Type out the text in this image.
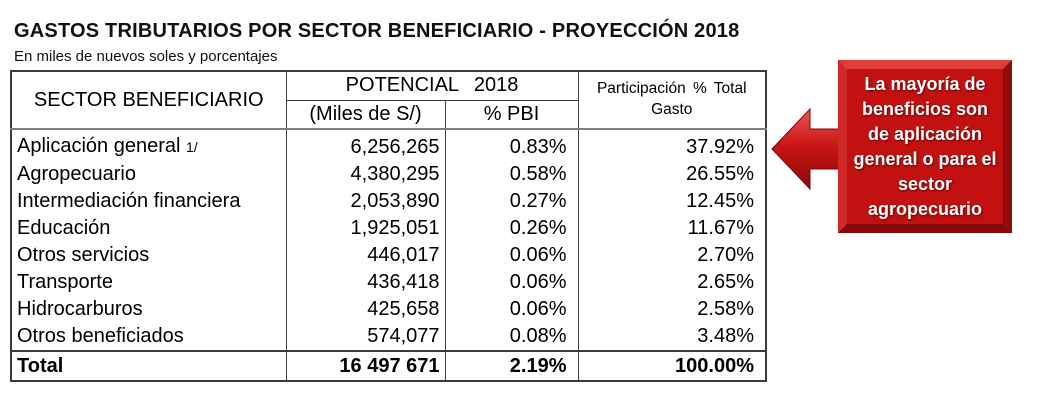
GASTOS TRIBUTARIOS POR SECTOR BENEFICIARIO - PROYECCIÓN 2018
En miles de nuevos soles y porcentajes
SECTOR BENEFICIARIO	POTENCIAL 2018		Participación % Total Gasto
	(Miles de S/)	% PBI	
Aplicación general 1/	6,256,265	0.83%	37.92%
Agropecuario	4,380,295	0.58%	26.55%
Intermediación financiera	2,053,890	0.27%	12.45%
Educación	1,925,051	0.26%	11.67%
Otros servicios	446,017	0.06%	2.70%
Transporte	436,418	0.06%	2.65%
Hidrocarburos	425,658	0.06%	2.58%
Otros beneficiados	574,077	0.08%	3.48%
Total	16 497 671	2.19%	100.00%
La mayoría de beneficios son de aplicación general o para el sector agropecuario
